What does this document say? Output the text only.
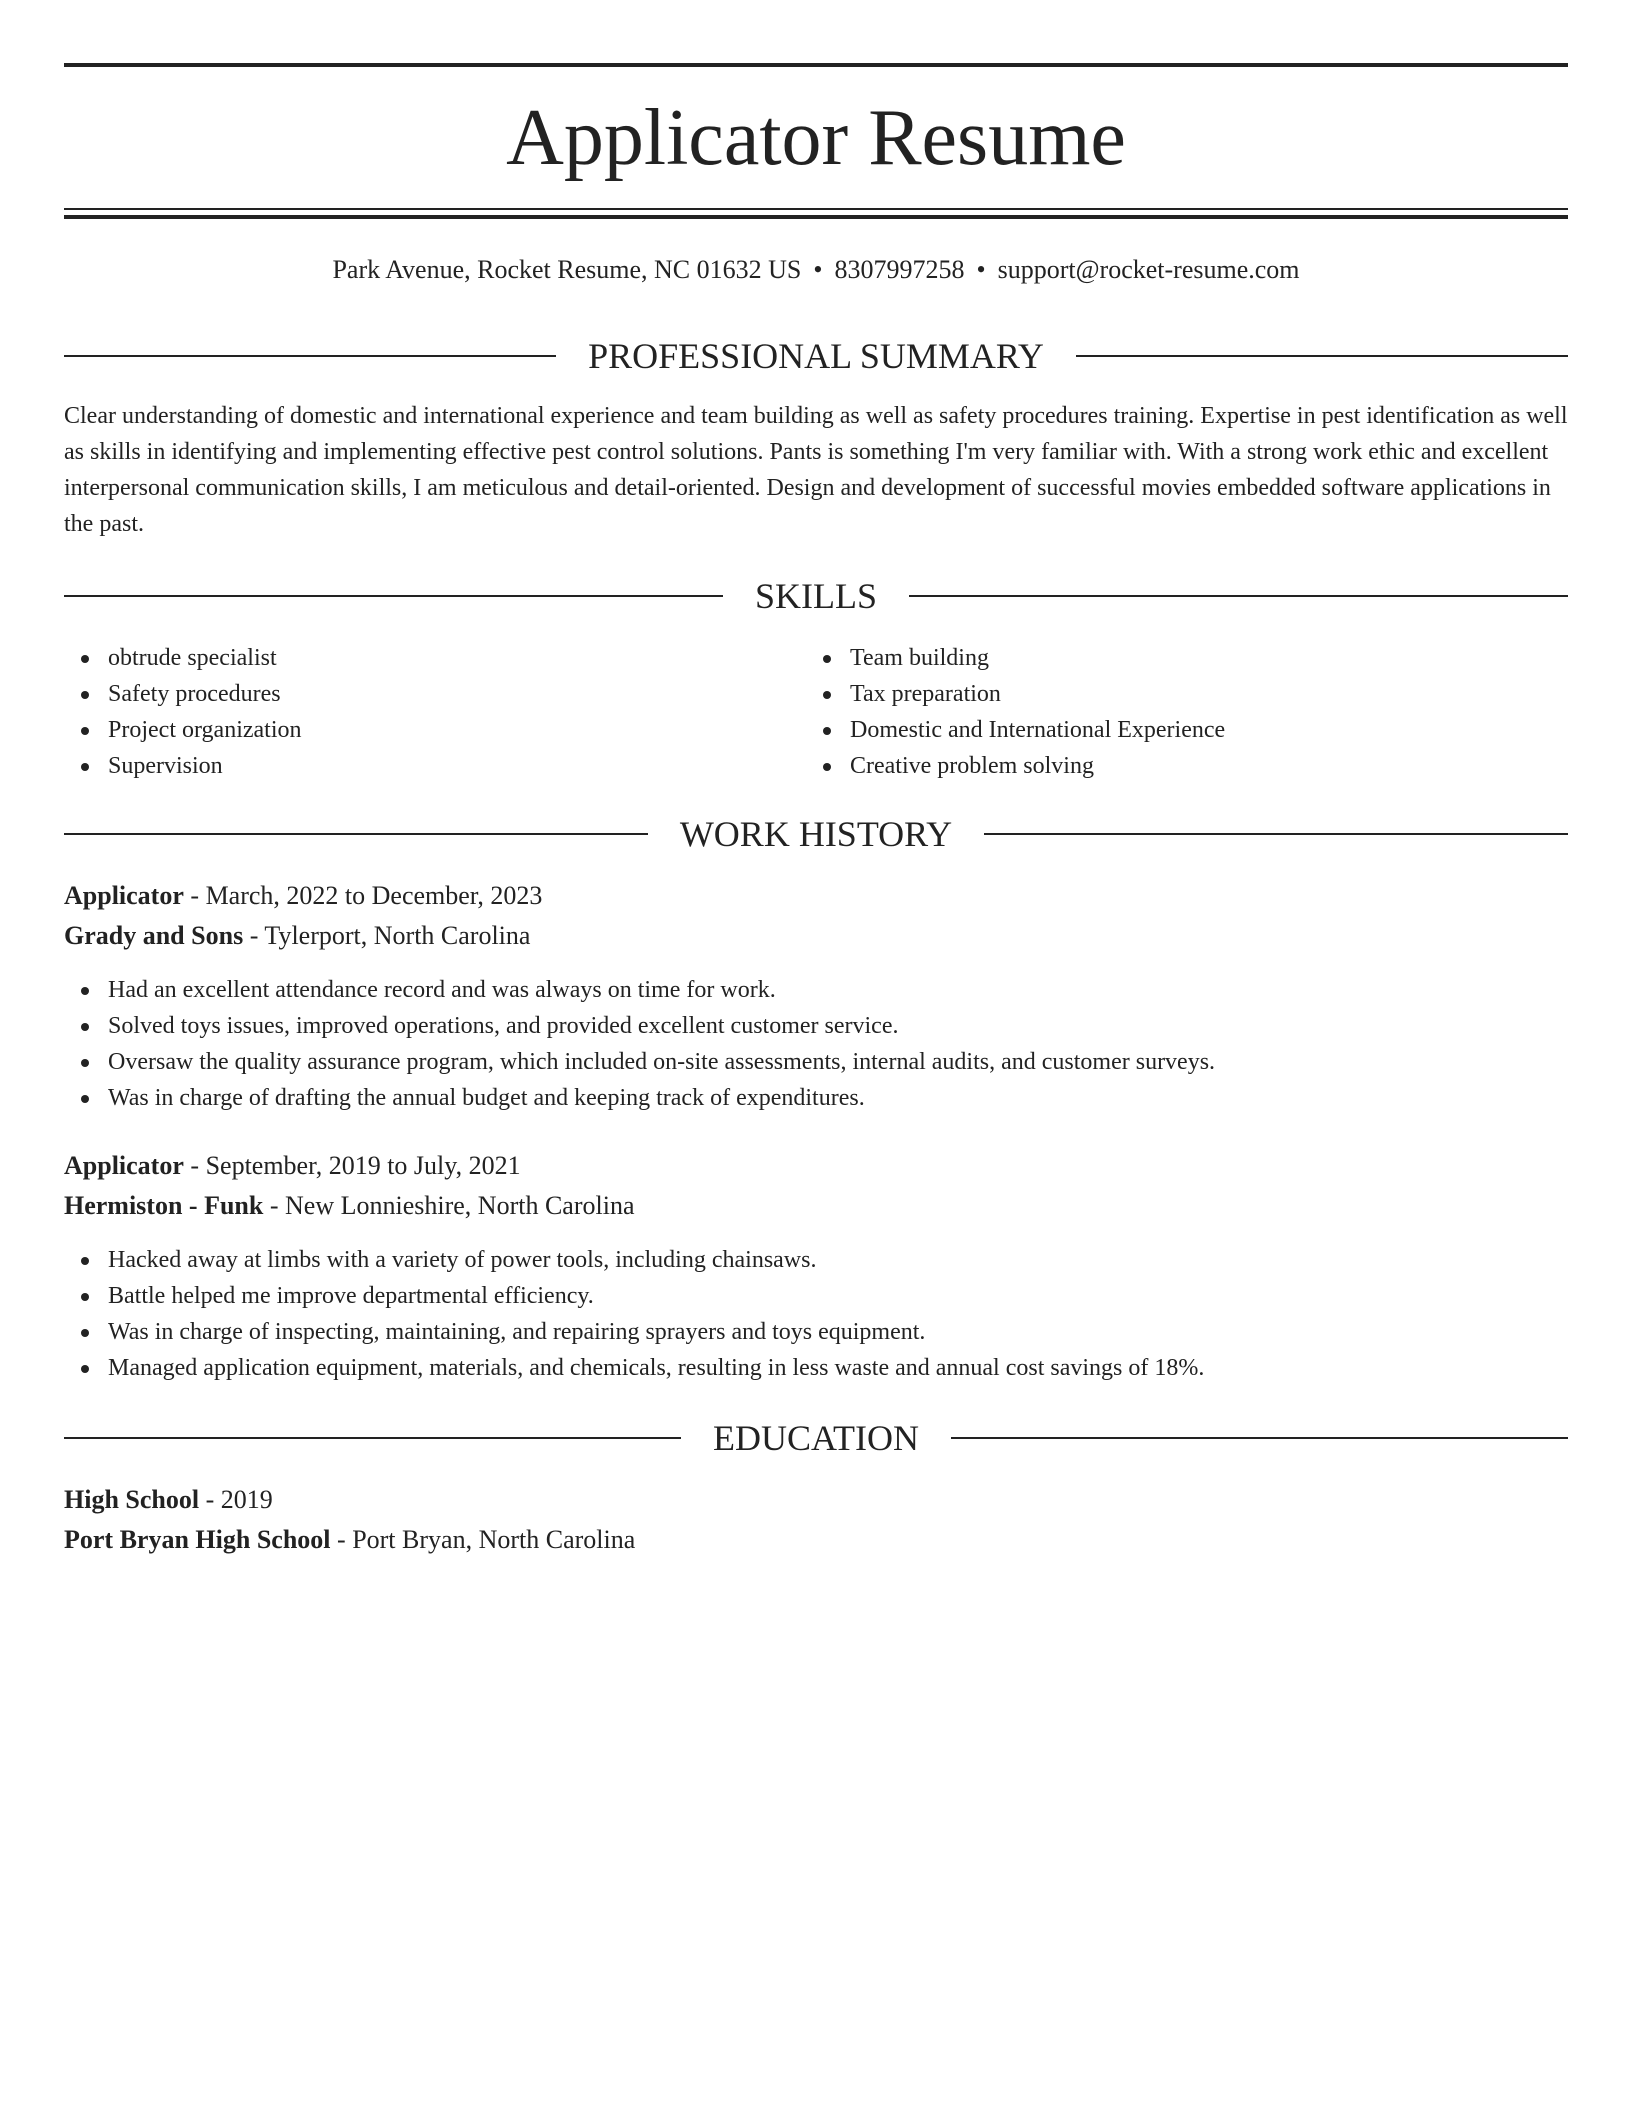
Applicator Resume
Park Avenue, Rocket Resume, NC 01632 US • 8307997258 • support@rocket-resume.com
PROFESSIONAL SUMMARY

Clear understanding of domestic and international experience and team building as well as safety procedures training. Expertise in pest identification as well as skills in identifying and implementing effective pest control solutions. Pants is something I'm very familiar with. With a strong work ethic and excellent interpersonal communication skills, I am meticulous and detail-oriented. Design and development of successful movies embedded software applications in the past.

SKILLS
obtrude specialist
Safety procedures
Project organization
Supervision
Team building
Tax preparation
Domestic and International Experience
Creative problem solving
WORK HISTORY
Applicator - March, 2022 to December, 2023
Grady and Sons - Tylerport, North Carolina
Had an excellent attendance record and was always on time for work.
Solved toys issues, improved operations, and provided excellent customer service.
Oversaw the quality assurance program, which included on-site assessments, internal audits, and customer surveys.
Was in charge of drafting the annual budget and keeping track of expenditures.
Applicator - September, 2019 to July, 2021
Hermiston - Funk - New Lonnieshire, North Carolina
Hacked away at limbs with a variety of power tools, including chainsaws.
Battle helped me improve departmental efficiency.
Was in charge of inspecting, maintaining, and repairing sprayers and toys equipment.
Managed application equipment, materials, and chemicals, resulting in less waste and annual cost savings of 18%.
EDUCATION
High School - 2019
Port Bryan High School - Port Bryan, North Carolina
